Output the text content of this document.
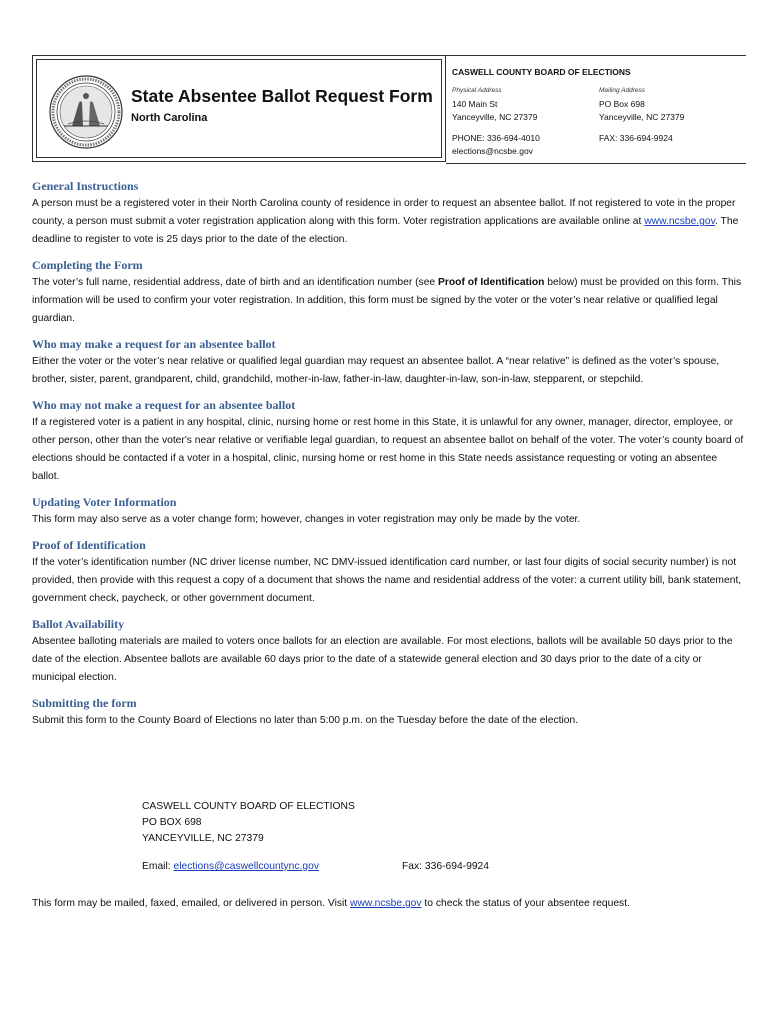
State Absentee Ballot Request Form
North Carolina
CASWELL COUNTY BOARD OF ELECTIONS
Physical Address
140 Main St
Yanceyville, NC 27379
Mailing Address
PO Box 698
Yanceyville, NC 27379
PHONE: 336-694-4010	FAX: 336-694-9924
elections@ncsbe.gov
General Instructions

A person must be a registered voter in their North Carolina county of residence in order to request an absentee ballot. If not registered to vote in the proper county, a person must submit a voter registration application along with this form. Voter registration applications are available online at www.ncsbe.gov. The deadline to register to vote is 25 days prior to the date of the election.

Completing the Form

The voter’s full name, residential address, date of birth and an identification number (see Proof of Identification below) must be provided on this form. This information will be used to confirm your voter registration. In addition, this form must be signed by the voter or the voter’s near relative or qualified legal guardian.

Who may make a request for an absentee ballot

Either the voter or the voter’s near relative or qualified legal guardian may request an absentee ballot. A “near relative” is defined as the voter’s spouse, brother, sister, parent, grandparent, child, grandchild, mother-in-law, father-in-law, daughter-in-law, son-in-law, stepparent, or stepchild.

Who may not make a request for an absentee ballot

If a registered voter is a patient in any hospital, clinic, nursing home or rest home in this State, it is unlawful for any owner, manager, director, employee, or other person, other than the voter's near relative or verifiable legal guardian, to request an absentee ballot on behalf of the voter. The voter’s county board of elections should be contacted if a voter in a hospital, clinic, nursing home or rest home in this State needs assistance requesting or voting an absentee ballot.

Updating Voter Information

This form may also serve as a voter change form; however, changes in voter registration may only be made by the voter.

Proof of Identification

If the voter’s identification number (NC driver license number, NC DMV-issued identification card number, or last four digits of social security number) is not provided, then provide with this request a copy of a document that shows the name and residential address of the voter: a current utility bill, bank statement, government check, paycheck, or other government document.

Ballot Availability

Absentee balloting materials are mailed to voters once ballots for an election are available. For most elections, ballots will be available 50 days prior to the date of the election. Absentee ballots are available 60 days prior to the date of a statewide general election and 30 days prior to the date of a city or municipal election.

Submitting the form

Submit this form to the County Board of Elections no later than 5:00 p.m. on the Tuesday before the date of the election.

CASWELL COUNTY BOARD OF ELECTIONS
PO BOX 698
YANCEYVILLE, NC 27379
Email: elections@caswellcountync.gov	Fax: 336-694-9924
This form may be mailed, faxed, emailed, or delivered in person. Visit www.ncsbe.gov to check the status of your absentee request.
